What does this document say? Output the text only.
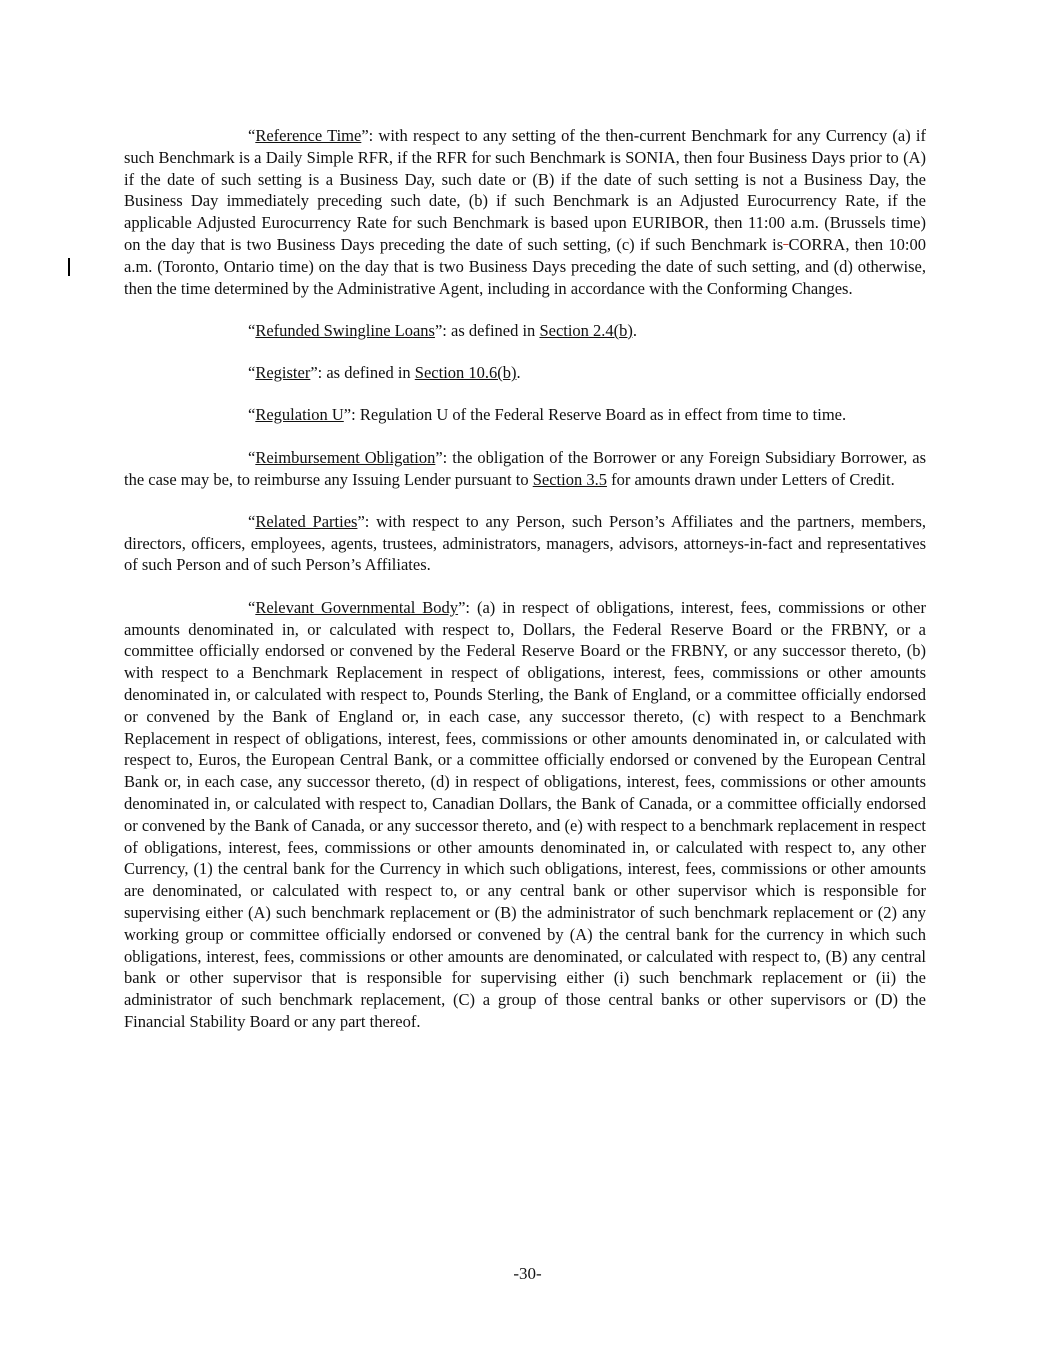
“Reference Time”: with respect to any setting of the then-current Benchmark for any Currency (a) if such Benchmark is a Daily Simple RFR, if the RFR for such Benchmark is SONIA, then four Business Days prior to (A) if the date of such setting is a Business Day, such date or (B) if the date of such setting is not a Business Day, the Business Day immediately preceding such date, (b) if such Benchmark is an Adjusted Eurocurrency Rate, if the applicable Adjusted Eurocurrency Rate for such Benchmark is based upon EURIBOR, then 11:00 a.m. (Brussels time) on the day that is two Business Days preceding the date of such setting, (c) if such Benchmark is CORRA, then 10:00 a.m. (Toronto, Ontario time) on the day that is two Business Days preceding the date of such setting, and (d) otherwise, then the time determined by the Administrative Agent, including in accordance with the Conforming Changes.

“Refunded Swingline Loans”: as defined in Section 2.4(b).

“Register”: as defined in Section 10.6(b).

“Regulation U”: Regulation U of the Federal Reserve Board as in effect from time to time.

“Reimbursement Obligation”: the obligation of the Borrower or any Foreign Subsidiary Borrower, as the case may be, to reimburse any Issuing Lender pursuant to Section 3.5 for amounts drawn under Letters of Credit.

“Related Parties”: with respect to any Person, such Person’s Affiliates and the partners, members, directors, officers, employees, agents, trustees, administrators, managers, advisors, attorneys-in-fact and representatives of such Person and of such Person’s Affiliates.

“Relevant Governmental Body”: (a) in respect of obligations, interest, fees, commissions or other amounts denominated in, or calculated with respect to, Dollars, the Federal Reserve Board or the FRBNY, or a committee officially endorsed or convened by the Federal Reserve Board or the FRBNY, or any successor thereto, (b) with respect to a Benchmark Replacement in respect of obligations, interest, fees, commissions or other amounts denominated in, or calculated with respect to, Pounds Sterling, the Bank of England, or a committee officially endorsed or convened by the Bank of England or, in each case, any successor thereto, (c) with respect to a Benchmark Replacement in respect of obligations, interest, fees, commissions or other amounts denominated in, or calculated with respect to, Euros, the European Central Bank, or a committee officially endorsed or convened by the European Central Bank or, in each case, any successor thereto, (d) in respect of obligations, interest, fees, commissions or other amounts denominated in, or calculated with respect to, Canadian Dollars, the Bank of Canada, or a committee officially endorsed or convened by the Bank of Canada, or any successor thereto, and (e) with respect to a benchmark replacement in respect of obligations, interest, fees, commissions or other amounts denominated in, or calculated with respect to, any other Currency, (1) the central bank for the Currency in which such obligations, interest, fees, commissions or other amounts are denominated, or calculated with respect to, or any central bank or other supervisor which is responsible for supervising either (A) such benchmark replacement or (B) the administrator of such benchmark replacement or (2) any working group or committee officially endorsed or convened by (A) the central bank for the currency in which such obligations, interest, fees, commissions or other amounts are denominated, or calculated with respect to, (B) any central bank or other supervisor that is responsible for supervising either (i) such benchmark replacement or (ii) the administrator of such benchmark replacement, (C) a group of those central banks or other supervisors or (D) the Financial Stability Board or any part thereof.

-30-
